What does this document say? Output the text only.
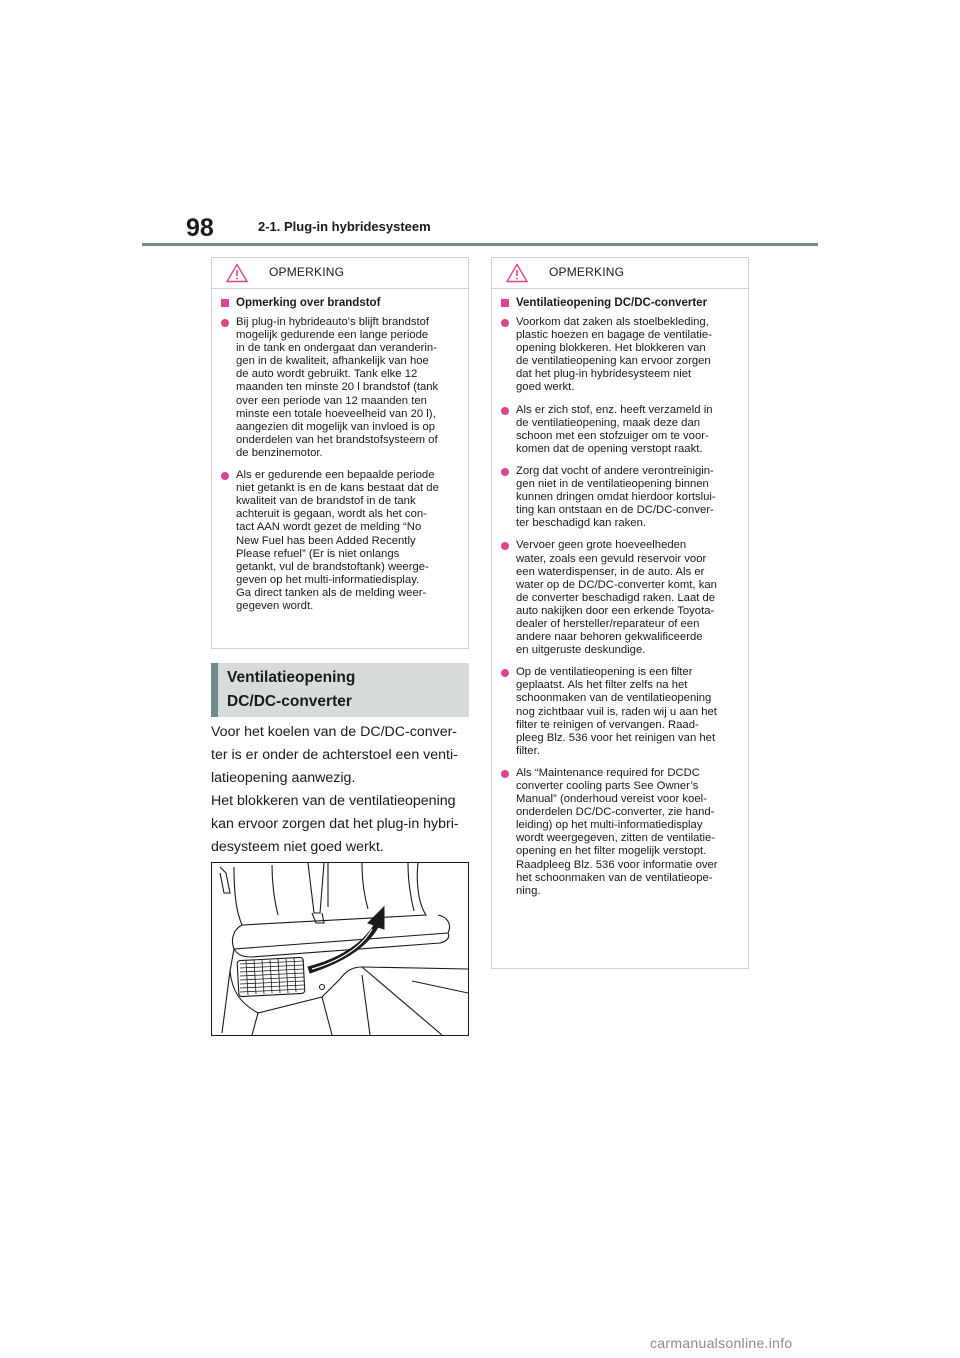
98	2-1. Plug-in hybridesysteem
OPMERKING
Opmerking over brandstof
Bij plug-in hybrideauto's blijft brandstof
mogelijk gedurende een lange periode
in de tank en ondergaat dan veranderin-
gen in de kwaliteit, afhankelijk van hoe
de auto wordt gebruikt. Tank elke 12
maanden ten minste 20 l brandstof (tank
over een periode van 12 maanden ten
minste een totale hoeveelheid van 20 l),
aangezien dit mogelijk van invloed is op
onderdelen van het brandstofsysteem of
de benzinemotor.
Als er gedurende een bepaalde periode
niet getankt is en de kans bestaat dat de
kwaliteit van de brandstof in de tank
achteruit is gegaan, wordt als het con-
tact AAN wordt gezet de melding “No
New Fuel has been Added Recently
Please refuel” (Er is niet onlangs
getankt, vul de brandstoftank) weerge-
geven op het multi-informatiedisplay.
Ga direct tanken als de melding weer-
gegeven wordt.
Ventilatieopening
DC/DC-converter
Voor het koelen van de DC/DC-conver-
ter is er onder de achterstoel een venti-
latieopening aanwezig.
Het blokkeren van de ventilatieopening
kan ervoor zorgen dat het plug-in hybri-
desysteem niet goed werkt.
OPMERKING
Ventilatieopening DC/DC-converter
Voorkom dat zaken als stoelbekleding,
plastic hoezen en bagage de ventilatie-
opening blokkeren. Het blokkeren van
de ventilatieopening kan ervoor zorgen
dat het plug-in hybridesysteem niet
goed werkt.
Als er zich stof, enz. heeft verzameld in
de ventilatieopening, maak deze dan
schoon met een stofzuiger om te voor-
komen dat de opening verstopt raakt.
Zorg dat vocht of andere verontreinigin-
gen niet in de ventilatieopening binnen
kunnen dringen omdat hierdoor kortslui-
ting kan ontstaan en de DC/DC-conver-
ter beschadigd kan raken.
Vervoer geen grote hoeveelheden
water, zoals een gevuld reservoir voor
een waterdispenser, in de auto. Als er
water op de DC/DC-converter komt, kan
de converter beschadigd raken. Laat de
auto nakijken door een erkende Toyota-
dealer of hersteller/reparateur of een
andere naar behoren gekwalificeerde
en uitgeruste deskundige.
Op de ventilatieopening is een filter
geplaatst. Als het filter zelfs na het
schoonmaken van de ventilatieopening
nog zichtbaar vuil is, raden wij u aan het
filter te reinigen of vervangen. Raad-
pleeg Blz. 536 voor het reinigen van het
filter.
Als “Maintenance required for DCDC
converter cooling parts See Owner’s
Manual” (onderhoud vereist voor koel-
onderdelen DC/DC-converter, zie hand-
leiding) op het multi-informatiedisplay
wordt weergegeven, zitten de ventilatie-
opening en het filter mogelijk verstopt.
Raadpleeg Blz. 536 voor informatie over
het schoonmaken van de ventilatieope-
ning.
carmanualsonline.info
